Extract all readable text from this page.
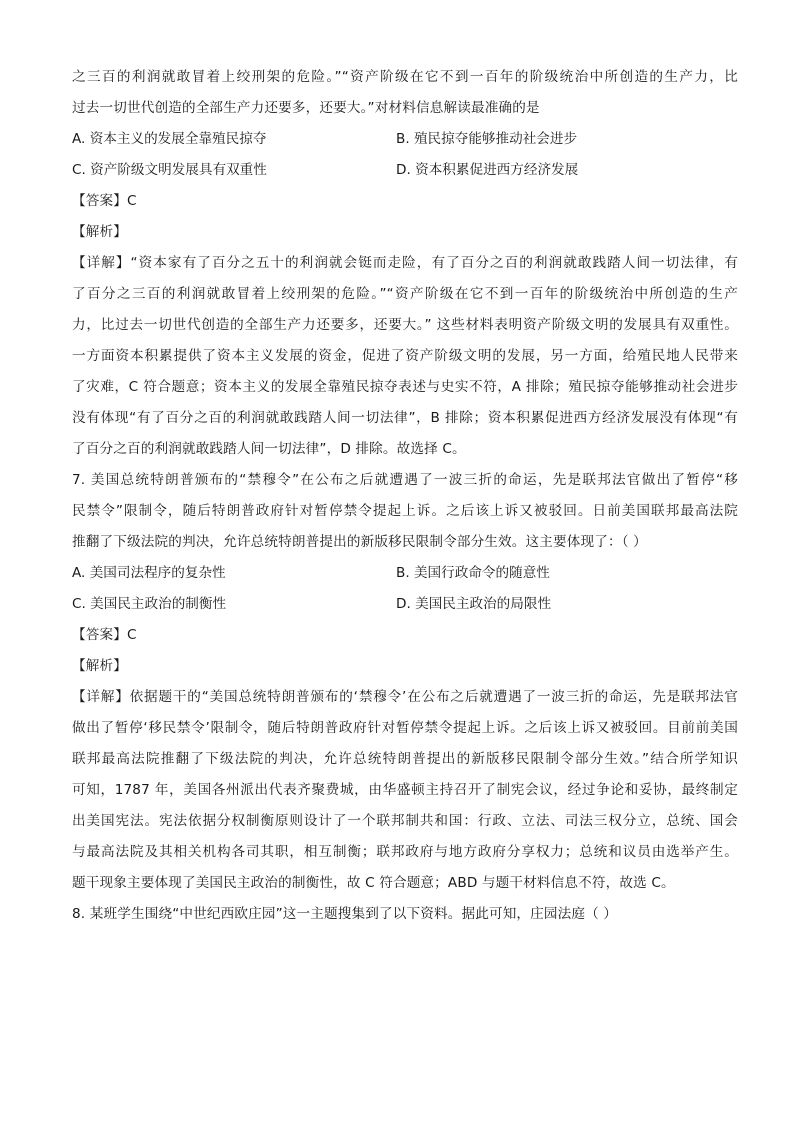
之三百的利润就敢冒着上绞刑架的危险。”“资产阶级在它不到一百年的阶级统治中所创造的生产力，比
过去一切世代创造的全部生产力还要多，还要大。”对材料信息解读最准确的是
A. 资本主义的发展全靠殖民掠夺	B. 殖民掠夺能够推动社会进步
C. 资产阶级文明发展具有双重性	D. 资本积累促进西方经济发展
【答案】C
【解析】
【详解】“资本家有了百分之五十的利润就会铤而走险，有了百分之百的利润就敢践踏人间一切法律，有
了百分之三百的利润就敢冒着上绞刑架的危险。”“资产阶级在它不到一百年的阶级统治中所创造的生产
力，比过去一切世代创造的全部生产力还要多，还要大。” 这些材料表明资产阶级文明的发展具有双重性。
一方面资本积累提供了资本主义发展的资金，促进了资产阶级文明的发展，另一方面，给殖民地人民带来
了灾难，C 符合题意；资本主义的发展全靠殖民掠夺表述与史实不符，A 排除；殖民掠夺能够推动社会进步
没有体现“有了百分之百的利润就敢践踏人间一切法律”，B 排除；资本积累促进西方经济发展没有体现“有
了百分之百的利润就敢践踏人间一切法律”，D 排除。故选择 C。
7. 美国总统特朗普颁布的“禁穆令”在公布之后就遭遇了一波三折的命运，先是联邦法官做出了暂停“移
民禁令”限制令，随后特朗普政府针对暂停禁令提起上诉。之后该上诉又被驳回。日前美国联邦最高法院
推翻了下级法院的判决，允许总统特朗普提出的新版移民限制令部分生效。这主要体现了：（ ）
A. 美国司法程序的复杂性	B. 美国行政命令的随意性
C. 美国民主政治的制衡性	D. 美国民主政治的局限性
【答案】C
【解析】
【详解】依据题干的“美国总统特朗普颁布的‘禁穆令’在公布之后就遭遇了一波三折的命运，先是联邦法官
做出了暂停‘移民禁令’限制令，随后特朗普政府针对暂停禁令提起上诉。之后该上诉又被驳回。目前前美国
联邦最高法院推翻了下级法院的判决，允许总统特朗普提出的新版移民限制令部分生效。”结合所学知识
可知，1787 年，美国各州派出代表齐聚费城，由华盛顿主持召开了制宪会议，经过争论和妥协，最终制定
出美国宪法。宪法依据分权制衡原则设计了一个联邦制共和国：行政、立法、司法三权分立，总统、国会
与最高法院及其相关机构各司其职，相互制衡；联邦政府与地方政府分享权力；总统和议员由选举产生。
题干现象主要体现了美国民主政治的制衡性，故 C 符合题意；ABD 与题干材料信息不符，故选 C。
8. 某班学生围绕“中世纪西欧庄园”这一主题搜集到了以下资料。据此可知，庄园法庭（ ）
